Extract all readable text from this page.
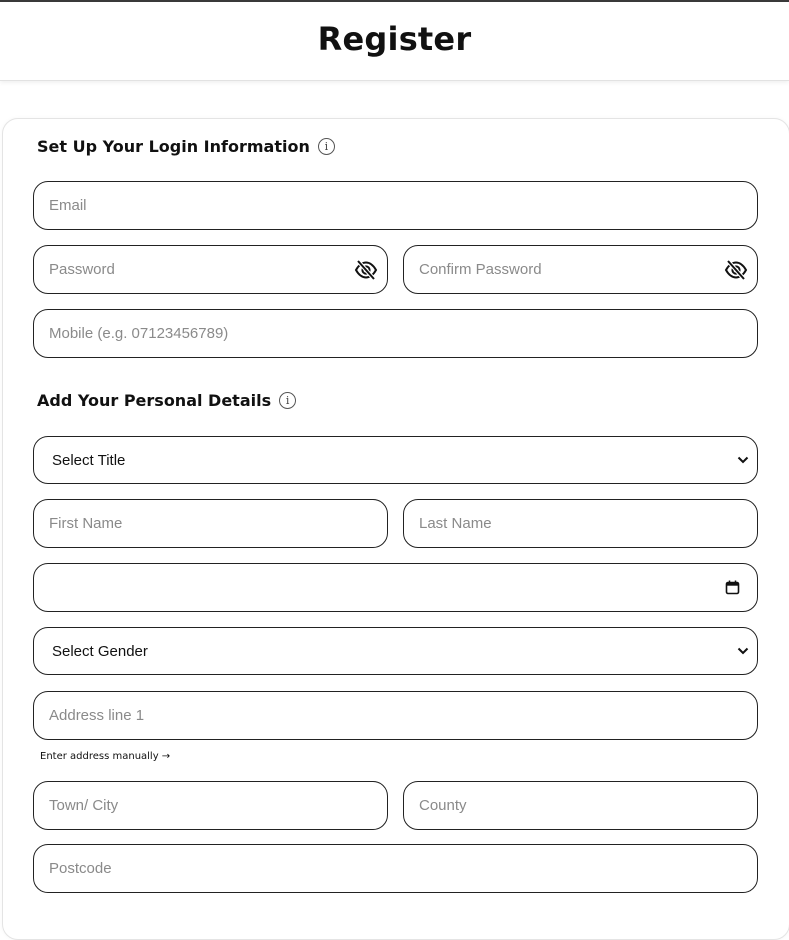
Register
Set Up Your Login Information	i
Email
Mobile (e.g. 07123456789)
Add Your Personal Details	i
Select Title
First Name
Last Name
Select Gender
Address line 1
Enter address manually →
Town/ City
County
Postcode
